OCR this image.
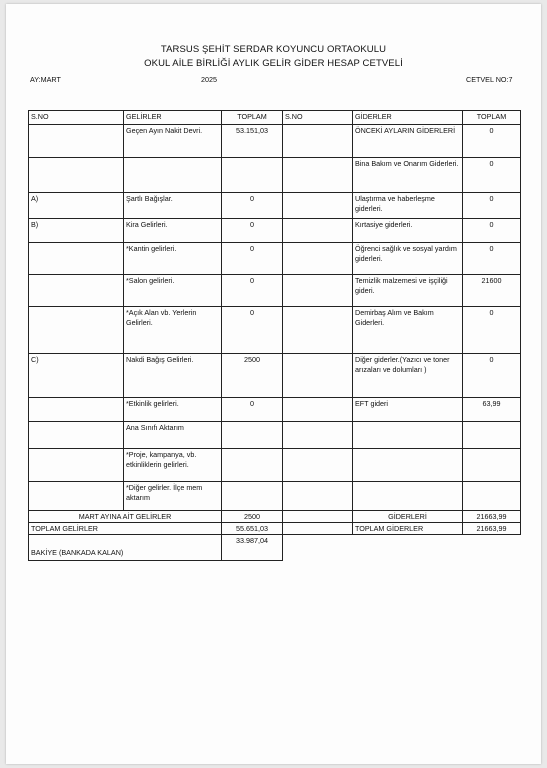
TARSUS ŞEHİT SERDAR KOYUNCU ORTAOKULU
OKUL AİLE BİRLİĞİ AYLIK GELİR GİDER HESAP CETVELİ
AY:MART	2025	CETVEL NO:7
S.NO	GELİRLER	TOPLAM	S.NO	GİDERLER	TOPLAM
	Geçen Ayın Nakit Devri.	53.151,03		ÖNCEKİ AYLARIN GİDERLERİ	0
				Bina Bakım ve Onarım Giderleri.	0
A)	Şartlı Bağışlar.	0		Ulaştırma ve haberleşme giderleri.	0
B)	Kira Gelirleri.	0		Kırtasiye giderleri.	0
	*Kantin gelirleri.	0		Öğrenci sağlık ve sosyal yardım giderleri.	0
	*Salon gelirleri.	0		Temizlik malzemesi ve işçiliği gideri.	21600
	*Açık Alan vb. Yerlerin Gelirleri.	0		Demirbaş Alım ve Bakım Giderleri.	0
C)	Nakdi Bağış Gelirleri.	2500		Diğer giderler.(Yazıcı ve toner arızaları ve dolumları )	0
	*Etkinlik gelirleri.	0		EFT gideri	63,99
	Ana Sınıfı Aktarım				
	*Proje, kampanya, vb. etkinliklerin gelirleri.				
	*Diğer gelirler. İlçe mem aktarım				
MART AYINA AİT GELİRLER		2500		GİDERLERİ	21663,99
TOPLAM GELİRLER		55.651,03		TOPLAM GİDERLER	21663,99
BAKİYE (BANKADA KALAN)		33.987,04			
